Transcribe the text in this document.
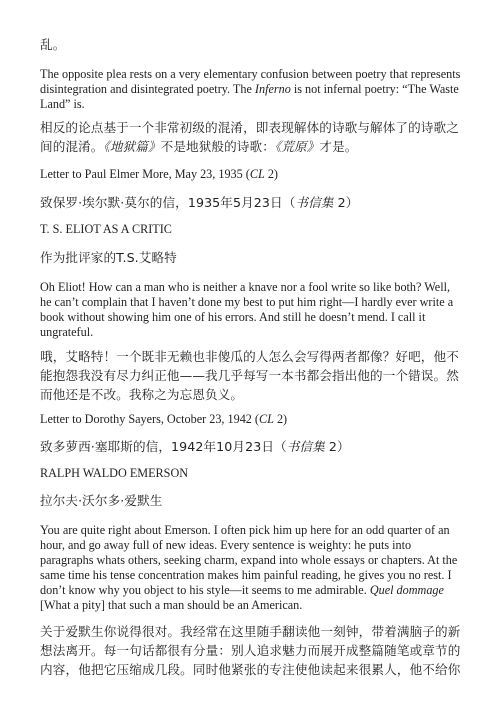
乱。

The opposite plea rests on a very elementary confusion between poetry that represents disintegration and disintegrated poetry. The Inferno is not infernal poetry: “The Waste Land” is.

相反的论点基于一个非常初级的混淆，即表现解体的诗歌与解体了的诗歌之间的混淆。《地狱篇》不是地狱般的诗歌：《荒原》才是。

Letter to Paul Elmer More, May 23, 1935 (CL 2)

致保罗·埃尔默·莫尔的信，1935年5月23日（书信集 2）

T. S. ELIOT AS A CRITIC

作为批评家的T.S.艾略特

Oh Eliot! How can a man who is neither a knave nor a fool write so like both? Well, he can’t complain that I haven’t done my best to put him right—I hardly ever write a book without showing him one of his errors. And still he doesn’t mend. I call it ungrateful.

哦，艾略特！一个既非无赖也非傻瓜的人怎么会写得两者都像？好吧，他不能抱怨我没有尽力纠正他——我几乎每写一本书都会指出他的一个错误。然而他还是不改。我称之为忘恩负义。

Letter to Dorothy Sayers, October 23, 1942 (CL 2)

致多萝西·塞耶斯的信，1942年10月23日（书信集 2）

RALPH WALDO EMERSON

拉尔夫·沃尔多·爱默生

You are quite right about Emerson. I often pick him up here for an odd quarter of an hour, and go away full of new ideas. Every sentence is weighty: he puts into paragraphs whats others, seeking charm, expand into whole essays or chapters. At the same time his tense concentration makes him painful reading, he gives you no rest. I don’t know why you object to his style—it seems to me admirable. Quel dommage [What a pity] that such a man should be an American.

关于爱默生你说得很对。我经常在这里随手翻读他一刻钟，带着满脑子的新想法离开。每一句话都很有分量：别人追求魅力而展开成整篇随笔或章节的内容，他把它压缩成几段。同时他紧张的专注使他读起来很累人，他不给你
